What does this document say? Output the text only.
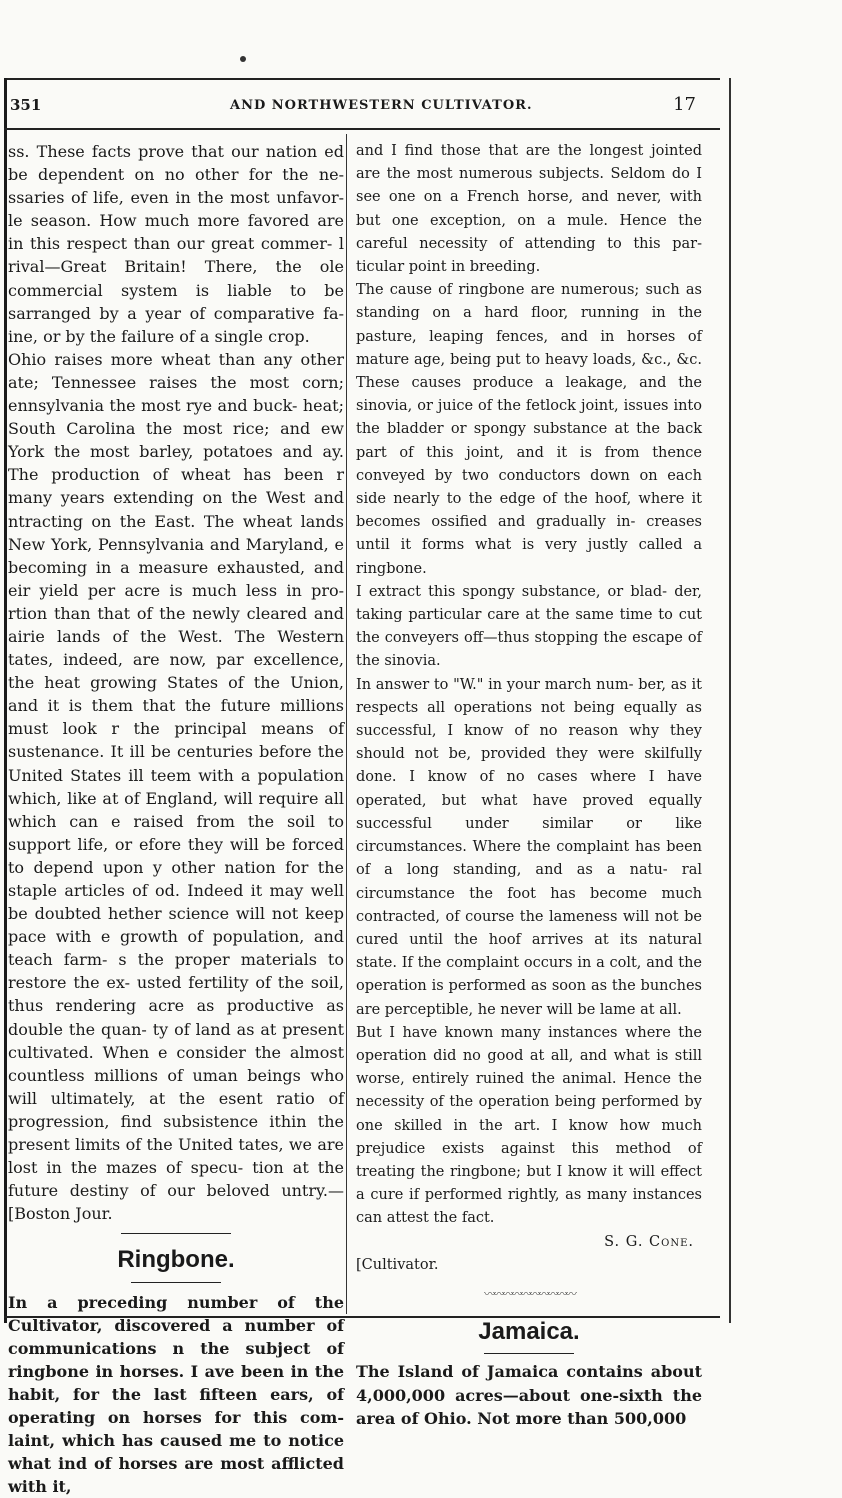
351	AND NORTHWESTERN CULTIVATOR.	17

ss. These facts prove that our nation ed be dependent on no other for the ne- ssaries of life, even in the most unfavor- le season. How much more favored are in this respect than our great commer- l rival—Great Britain! There, the ole commercial system is liable to be sarranged by a year of comparative fa- ine, or by the failure of a single crop.

Ohio raises more wheat than any other ate; Tennessee raises the most corn; ennsylvania the most rye and buck- heat; South Carolina the most rice; and ew York the most barley, potatoes and ay. The production of wheat has been r many years extending on the West and ntracting on the East. The wheat lands New York, Pennsylvania and Maryland, e becoming in a measure exhausted, and eir yield per acre is much less in pro- rtion than that of the newly cleared and airie lands of the West. The Western tates, indeed, are now, par excellence, the heat growing States of the Union, and it is them that the future millions must look r the principal means of sustenance. It ill be centuries before the United States ill teem with a population which, like at of England, will require all which can e raised from the soil to support life, or efore they will be forced to depend upon y other nation for the staple articles of od. Indeed it may well be doubted hether science will not keep pace with e growth of population, and teach farm- s the proper materials to restore the ex- usted fertility of the soil, thus rendering acre as productive as double the quan- ty of land as at present cultivated. When e consider the almost countless millions of uman beings who will ultimately, at the esent ratio of progression, find subsistence ithin the present limits of the United tates, we are lost in the mazes of specu- tion at the future destiny of our beloved untry.—[Boston Jour.

Ringbone.

In a preceding number of the Cultivator, discovered a number of communications n the subject of ringbone in horses. I ave been in the habit, for the last fifteen ears, of operating on horses for this com- laint, which has caused me to notice what ind of horses are most afflicted with it,

and I find those that are the longest jointed are the most numerous subjects. Seldom do I see one on a French horse, and never, with but one exception, on a mule. Hence the careful necessity of attending to this par- ticular point in breeding.

The cause of ringbone are numerous; such as standing on a hard floor, running in the pasture, leaping fences, and in horses of mature age, being put to heavy loads, &c., &c. These causes produce a leakage, and the sinovia, or juice of the fetlock joint, issues into the bladder or spongy substance at the back part of this joint, and it is from thence conveyed by two conductors down on each side nearly to the edge of the hoof, where it becomes ossified and gradually in- creases until it forms what is very justly called a ringbone.

I extract this spongy substance, or blad- der, taking particular care at the same time to cut the conveyers off—thus stopping the escape of the sinovia.

In answer to "W." in your march num- ber, as it respects all operations not being equally as successful, I know of no reason why they should not be, provided they were skilfully done. I know of no cases where I have operated, but what have proved equally successful under similar or like circumstances. Where the complaint has been of a long standing, and as a natu- ral circumstance the foot has become much contracted, of course the lameness will not be cured until the hoof arrives at its natural state. If the complaint occurs in a colt, and the operation is performed as soon as the bunches are perceptible, he never will be lame at all.

But I have known many instances where the operation did no good at all, and what is still worse, entirely ruined the animal. Hence the necessity of the operation being performed by one skilled in the art. I know how much prejudice exists against this method of treating the ringbone; but I know it will effect a cure if performed rightly, as many instances can attest the fact.

S. G. Cone.

[Cultivator.

〰〰〰〰〰〰〰〰〰〰
Jamaica.

The Island of Jamaica contains about 4,000,000 acres—about one-sixth the area of Ohio. Not more than 500,000
